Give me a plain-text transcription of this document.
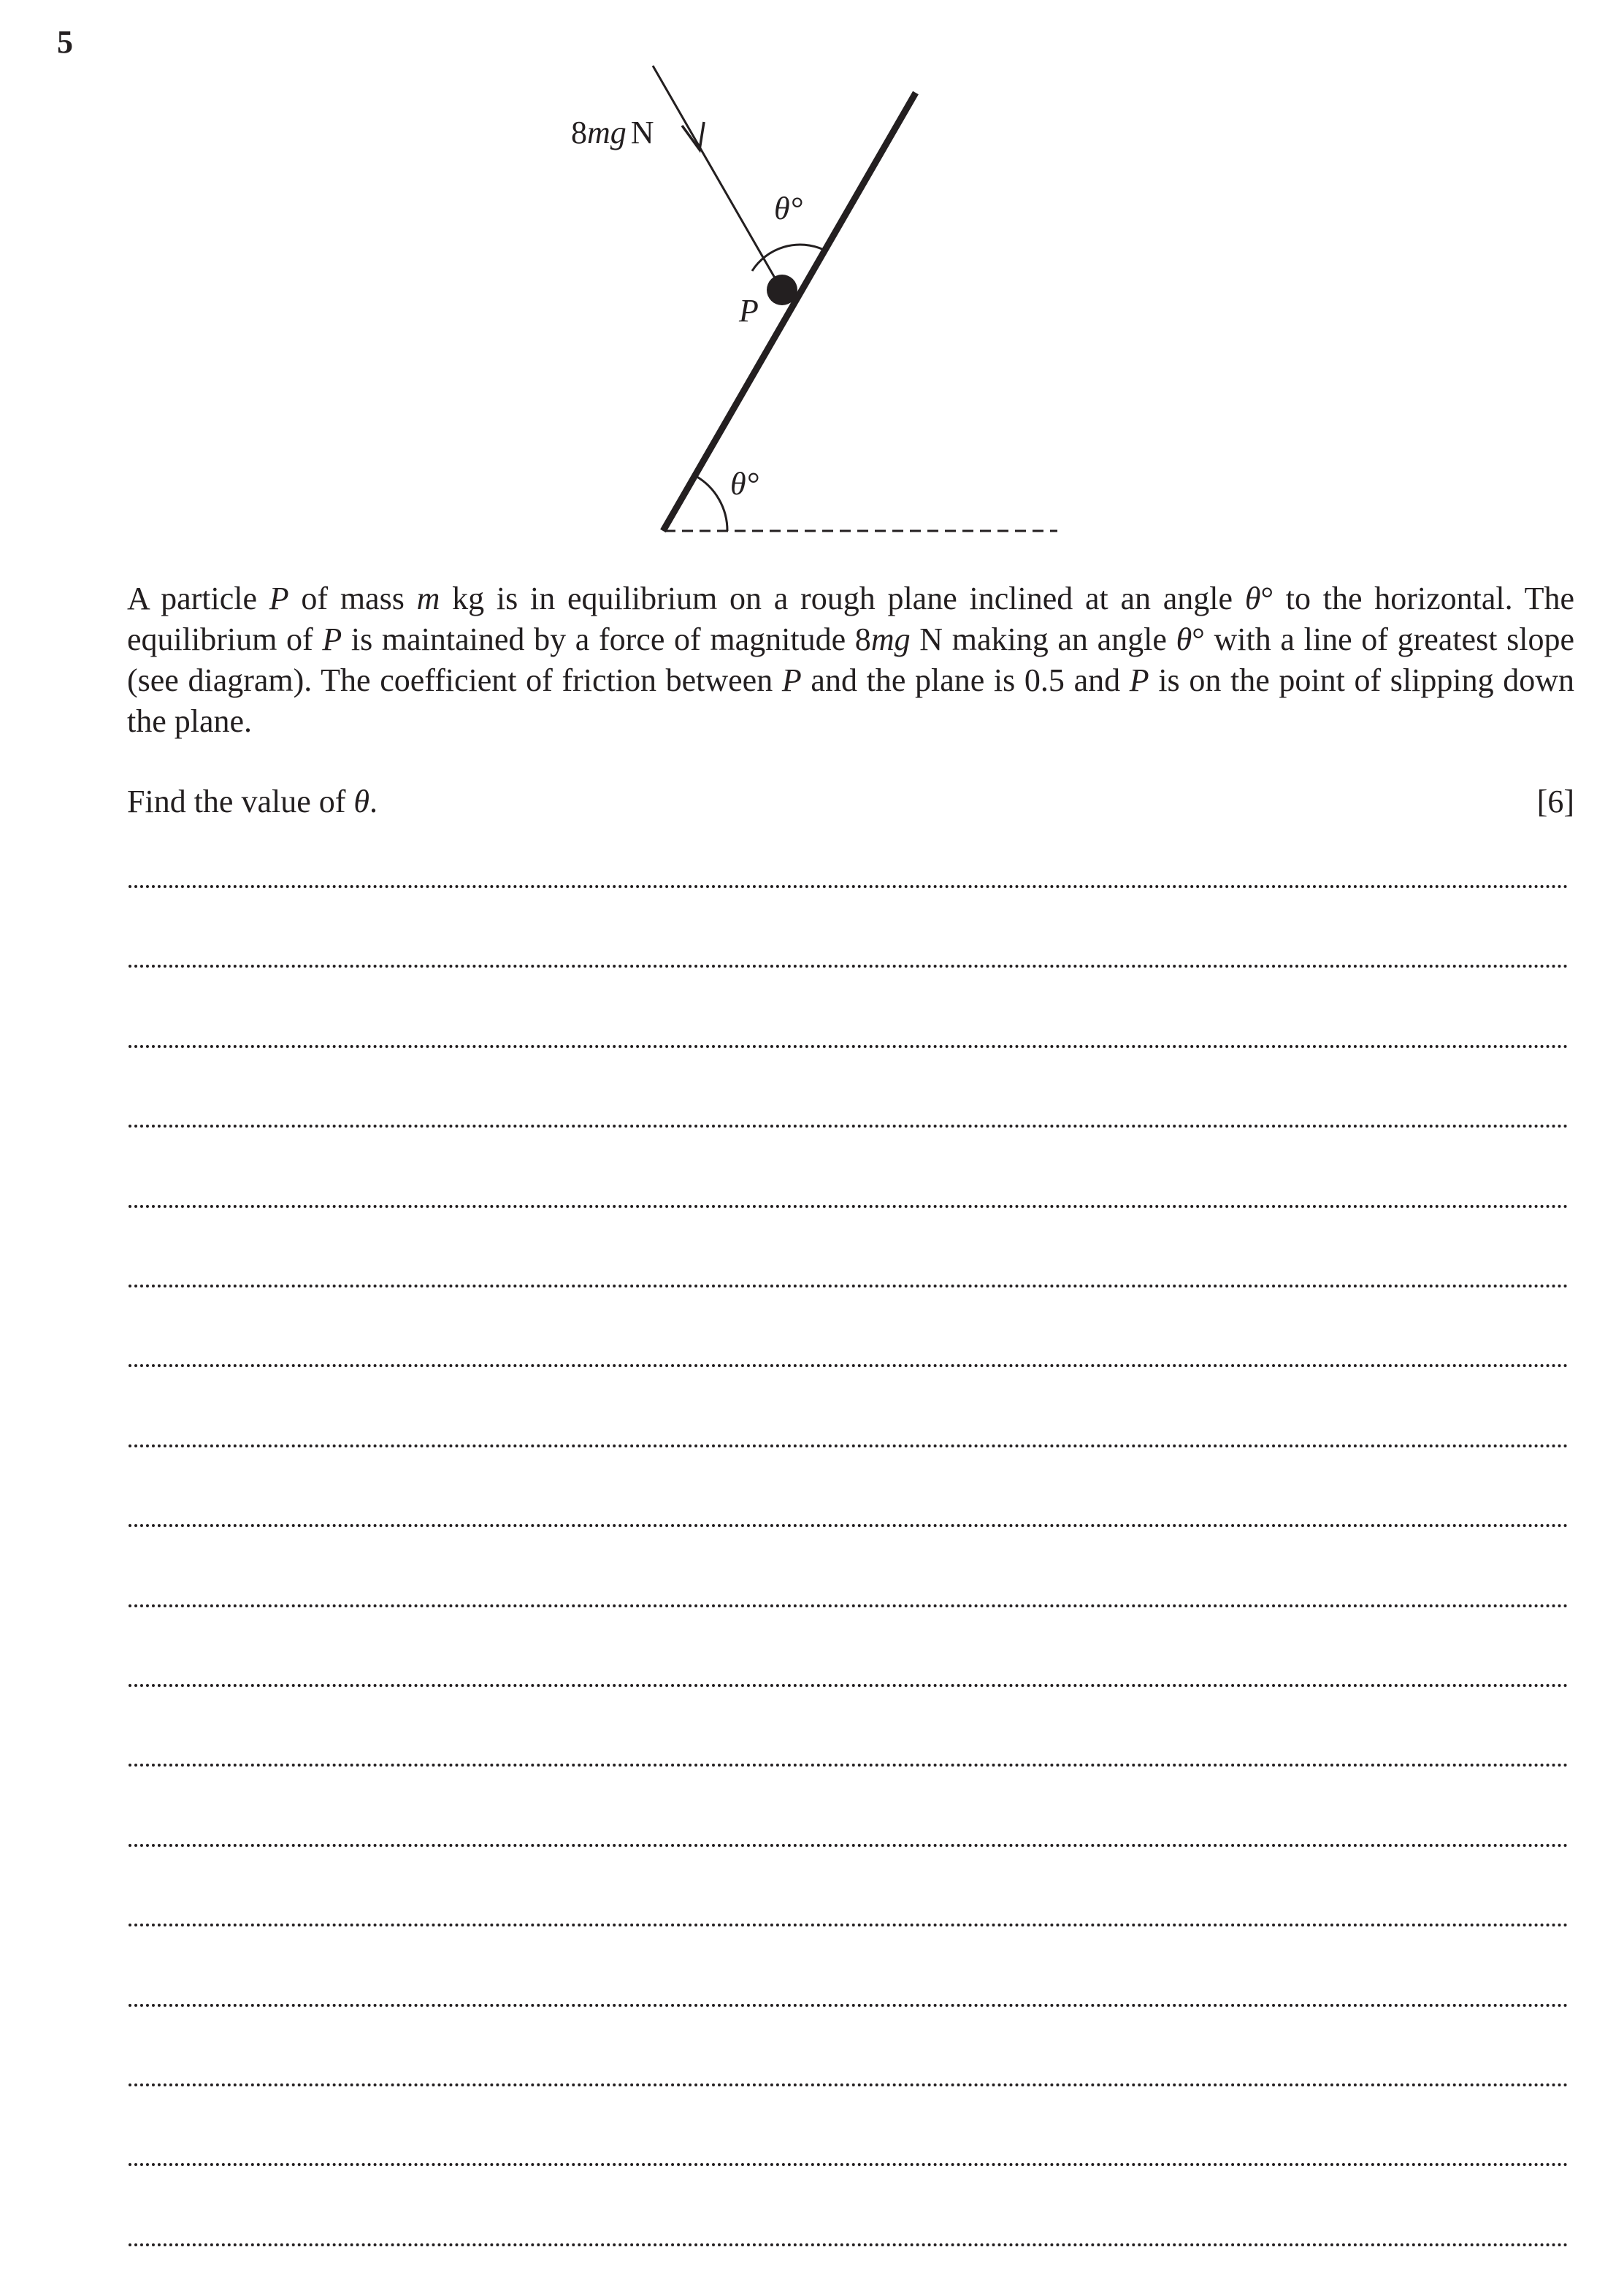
5
8mg N
θ°
P
θ°
A particle P of mass m kg is in equilibrium on a rough plane inclined at an angle θ° to the horizontal. The equilibrium of P is maintained by a force of magnitude 8mg N making an angle θ° with a line of greatest slope (see diagram). The coefficient of friction between P and the plane is 0.5 and P is on the point of slipping down the plane.
Find the value of θ.	[6]
